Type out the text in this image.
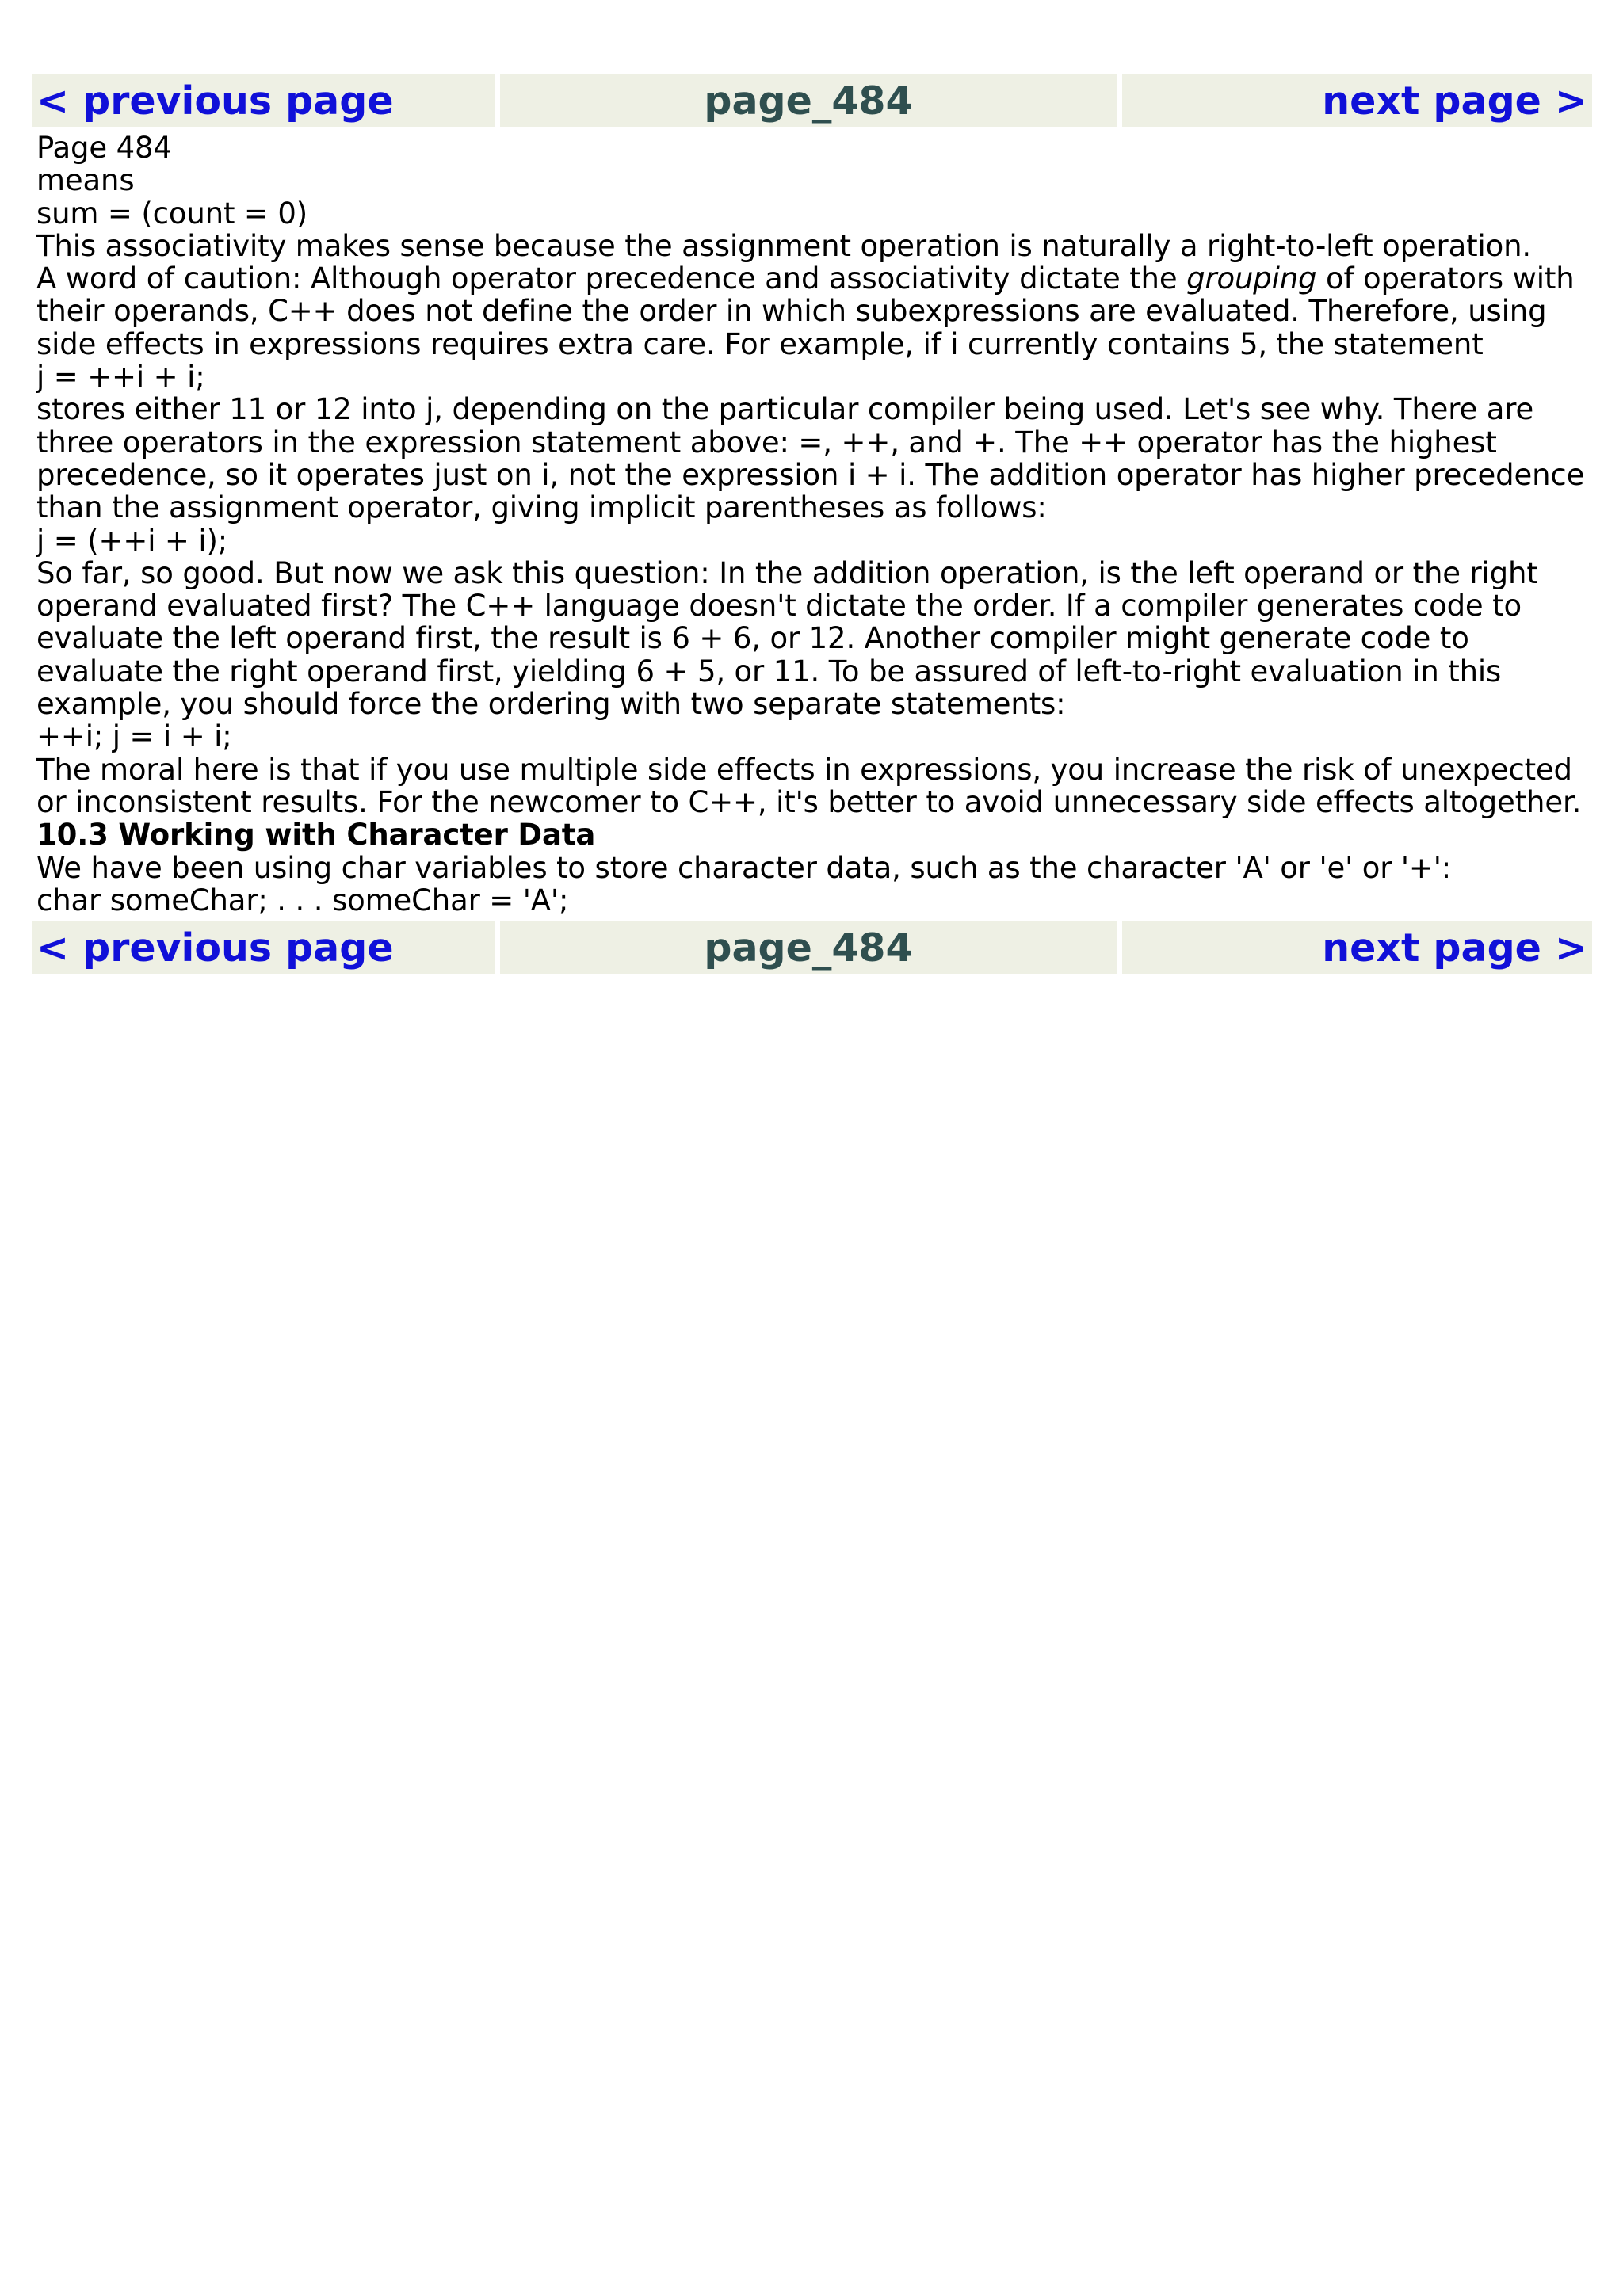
< previous page	page_484	next page >
Page 484
means
sum = (count = 0)

This associativity makes sense because the assignment operation is naturally a right-to-left operation.

A word of caution: Although operator precedence and associativity dictate the grouping of operators with their operands, C++ does not define the order in which subexpressions are evaluated. Therefore, using side effects in expressions requires extra care. For example, if i currently contains 5, the statement

j = ++i + i;

stores either 11 or 12 into j, depending on the particular compiler being used. Let's see why. There are three operators in the expression statement above: =, ++, and +. The ++ operator has the highest precedence, so it operates just on i, not the expression i + i. The addition operator has higher precedence than the assignment operator, giving implicit parentheses as follows:

j = (++i + i);

So far, so good. But now we ask this question: In the addition operation, is the left operand or the right operand evaluated first? The C++ language doesn't dictate the order. If a compiler generates code to evaluate the left operand first, the result is 6 + 6, or 12. Another compiler might generate code to evaluate the right operand first, yielding 6 + 5, or 11. To be assured of left-to-right evaluation in this example, you should force the ordering with two separate statements:

++i; j = i + i;

The moral here is that if you use multiple side effects in expressions, you increase the risk of unexpected or inconsistent results. For the newcomer to C++, it's better to avoid unnecessary side effects altogether.

10.3 Working with Character Data

We have been using char variables to store character data, such as the character 'A' or 'e' or '+':

char someChar; . . . someChar = 'A';
< previous page	page_484	next page >
